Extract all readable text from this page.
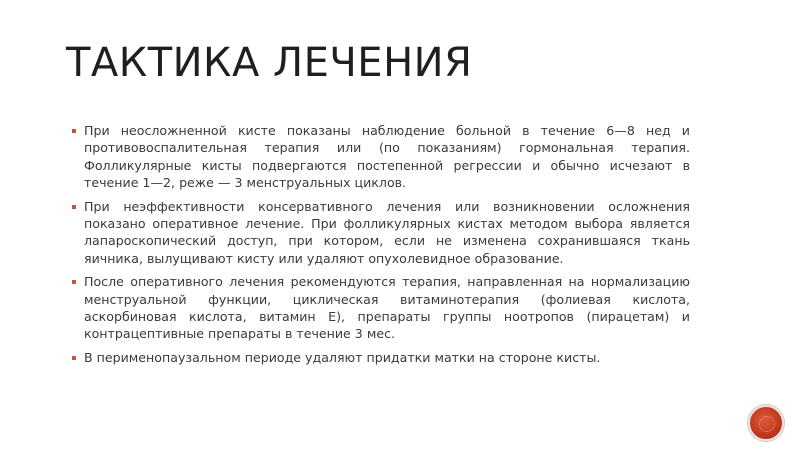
ТАКТИКА ЛЕЧЕНИЯ
При неосложненной кисте показаны наблюдение больной в течение 6—8 нед и противовоспалительная терапия или (по показаниям) гормональная терапия. Фолликулярные кисты подвергаются постепенной регрессии и обычно исчезают в течение 1—2, реже — 3 менструальных циклов.
При неэффективности консервативного лечения или возникновении осложнения показано оперативное лечение. При фолликулярных кистах методом выбора является лапароскопический доступ, при котором, если не изменена сохранившаяся ткань яичника, вылущивают кисту или удаляют опухолевидное образование.
После оперативного лечения рекомендуются терапия, направленная на нормализацию менструальной функции, циклическая витаминотерапия (фолиевая кислота, аскорбиновая кислота, витамин Е), препараты группы ноотропов (пирацетам) и контрацептивные препараты в течение 3 мес.
В перименопаузальном периоде удаляют придатки матки на стороне кисты.
